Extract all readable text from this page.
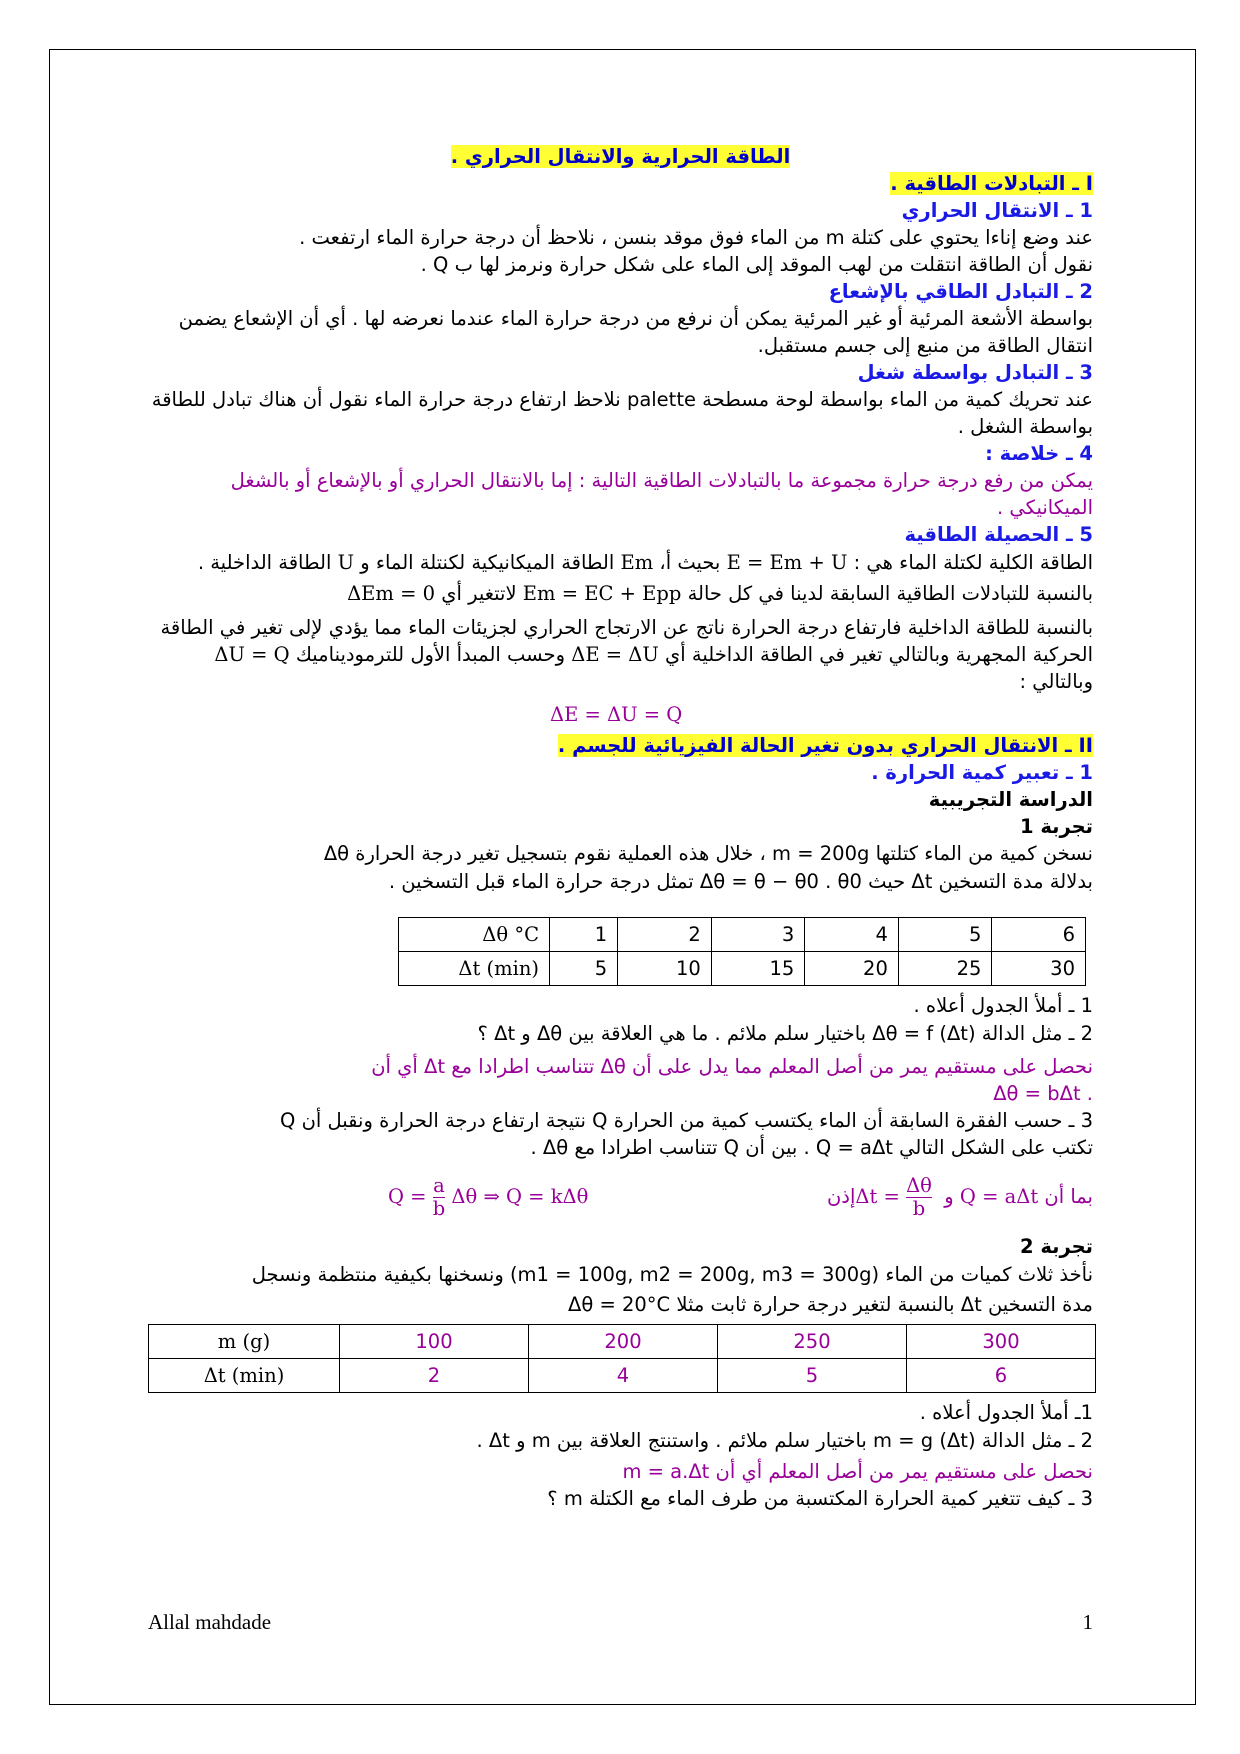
الطاقة الحرارية والانتقال الحراري .
I ـ التبادلات الطاقية .
1 ـ الانتقال الحراري
عند وضع إناءا يحتوي على كتلة m من الماء فوق موقد بنسن ، نلاحظ أن درجة حرارة الماء ارتفعت .
نقول أن الطاقة انتقلت من لهب الموقد إلى الماء على شكل حرارة ونرمز لها ب Q .
2 ـ التبادل الطاقي بالإشعاع
بواسطة الأشعة المرئية أو غير المرئية يمكن أن نرفع من درجة حرارة الماء عندما نعرضه لها . أي أن الإشعاع يضمن انتقال الطاقة من منبع إلى جسم مستقبل.
3 ـ التبادل بواسطة شغل
عند تحريك كمية من الماء بواسطة لوحة مسطحة palette نلاحظ ارتفاع درجة حرارة الماء نقول أن هناك تبادل للطاقة بواسطة الشغل .
4 ـ خلاصة :
يمكن من رفع درجة حرارة مجموعة ما بالتبادلات الطاقية التالية : إما بالانتقال الحراري أو بالإشعاع أو بالشغل الميكانيكي .
5 ـ الحصيلة الطاقية
الطاقة الكلية لكتلة الماء هي : E = Em + U بحيث أ، Em الطاقة الميكانيكية لكنتلة الماء و U الطاقة الداخلية .
بالنسبة للتبادلات الطاقية السابقة لدينا في كل حالة Em = EC + Epp لاتتغير أي ΔEm = 0
بالنسبة للطاقة الداخلية فارتفاع درجة الحرارة ناتج عن الارتجاج الحراري لجزيئات الماء مما يؤدي لإلى تغير في الطاقة الحركية المجهرية وبالتالي تغير في الطاقة الداخلية أي ΔE = ΔU وحسب المبدأ الأول للترموديناميك ΔU = Q وبالتالي :
ΔE = ΔU = Q
II ـ الانتقال الحراري بدون تغير الحالة الفيزيائية للجسم .
1 ـ تعبير كمية الحرارة .
الدراسة التجريبية
تجربة 1
نسخن كمية من الماء كتلتها m = 200g ، خلال هذه العملية نقوم بتسجيل تغير درجة الحرارة Δθ
بدلالة مدة التسخين Δt حيث Δθ = θ − θ0 . θ0 تمثل درجة حرارة الماء قبل التسخين .
Δθ °C	1	2	3	4	5	6
Δt (min)	5	10	15	20	25	30
1 ـ أملأ الجدول أعلاه .
2 ـ مثل الدالة Δθ = f (Δt) باختيار سلم ملائم . ما هي العلاقة بين Δθ و Δt ؟
نحصل على مستقيم يمر من أصل المعلم مما يدل على أن Δθ تتناسب اطرادا مع Δt أي أن
. Δθ = bΔt
3 ـ حسب الفقرة السابقة أن الماء يكتسب كمية من الحرارة Q نتيجة ارتفاع درجة الحرارة ونقبل أن Q
تكتب على الشكل التالي Q = aΔt . بين أن Q تتناسب اطرادا مع Δθ .
بما أن Q = aΔt و $\Delta t = \frac{\Delta\theta}{b}$
إذن
$Q = \frac{a}{b}$ Δθ ⇒ Q = kΔθ
تجربة 2
نأخذ ثلاث كميات من الماء (m1 = 100g, m2 = 200g, m3 = 300g) ونسخنها بكيفية منتظمة ونسجل
مدة التسخين Δt بالنسبة لتغير درجة حرارة ثابت مثلا Δθ = 20°C
m (g)	100	200	250	300
Δt (min)	2	4	5	6
1ـ أملأ الجدول أعلاه .
2 ـ مثل الدالة m = g (Δt) باختيار سلم ملائم . واستنتج العلاقة بين m و Δt .
نحصل على مستقيم يمر من أصل المعلم أي أن m = a.Δt
3 ـ كيف تتغير كمية الحرارة المكتسبة من طرف الماء مع الكتلة m ؟
Allal mahdade	1
